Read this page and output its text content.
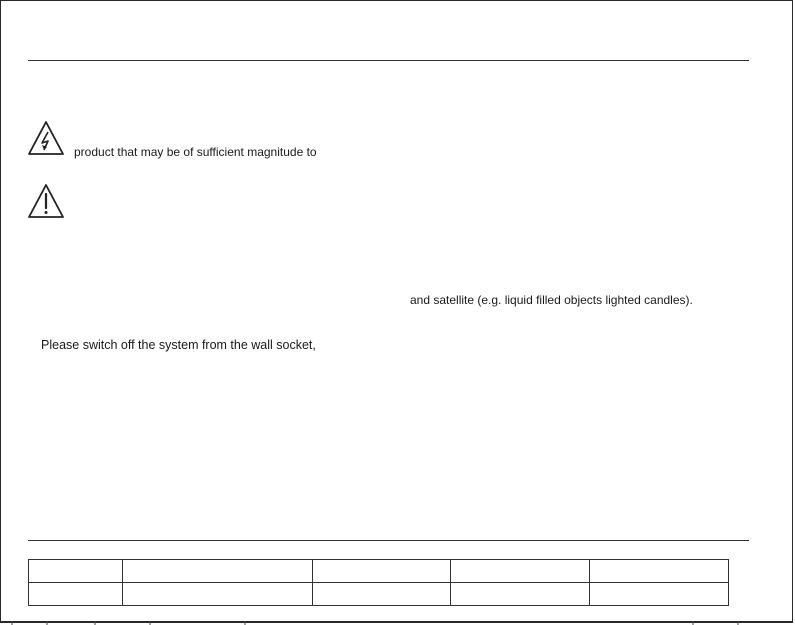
product that may be of sufficient magnitude to
and satellite (e.g. liquid filled objects lighted candles).
Please switch off the system from the wall socket,
